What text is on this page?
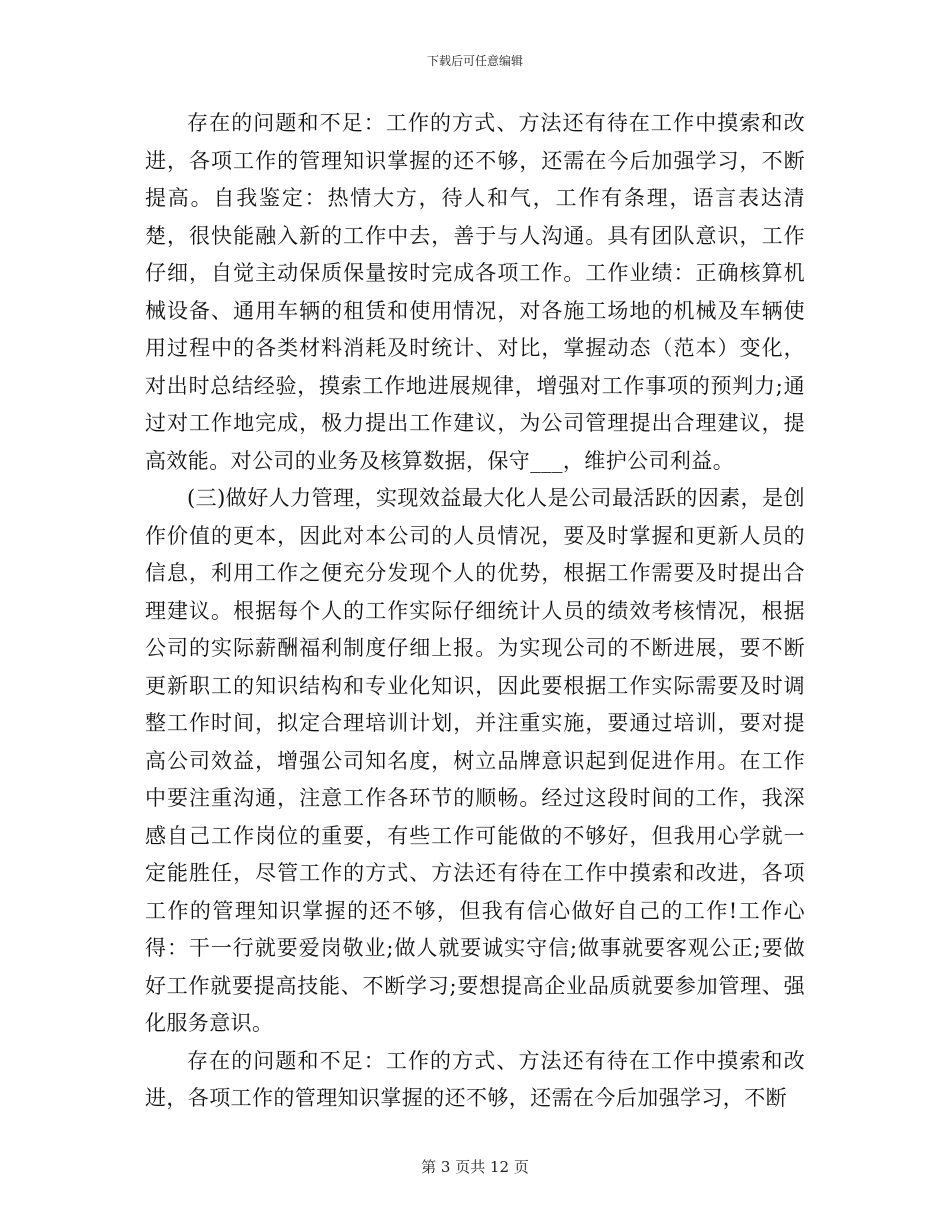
下载后可任意编辑

存在的问题和不足：工作的方式、方法还有待在工作中摸索和改进，各项工作的管理知识掌握的还不够，还需在今后加强学习，不断提高。自我鉴定：热情大方，待人和气，工作有条理，语言表达清楚，很快能融入新的工作中去，善于与人沟通。具有团队意识，工作仔细，自觉主动保质保量按时完成各项工作。工作业绩：正确核算机械设备、通用车辆的租赁和使用情况，对各施工场地的机械及车辆使用过程中的各类材料消耗及时统计、对比，掌握动态（范本）变化，对出时总结经验，摸索工作地进展规律，增强对工作事项的预判力;通过对工作地完成，极力提出工作建议，为公司管理提出合理建议，提高效能。对公司的业务及核算数据，保守___，维护公司利益。

(三)做好人力管理，实现效益最大化人是公司最活跃的因素，是创作价值的更本，因此对本公司的人员情况，要及时掌握和更新人员的信息，利用工作之便充分发现个人的优势，根据工作需要及时提出合理建议。根据每个人的工作实际仔细统计人员的绩效考核情况，根据公司的实际薪酬福利制度仔细上报。为实现公司的不断进展，要不断更新职工的知识结构和专业化知识，因此要根据工作实际需要及时调整工作时间，拟定合理培训计划，并注重实施，要通过培训，要对提高公司效益，增强公司知名度，树立品牌意识起到促进作用。在工作中要注重沟通，注意工作各环节的顺畅。经过这段时间的工作，我深感自己工作岗位的重要，有些工作可能做的不够好，但我用心学就一定能胜任，尽管工作的方式、方法还有待在工作中摸索和改进，各项工作的管理知识掌握的还不够，但我有信心做好自己的工作!工作心得：干一行就要爱岗敬业;做人就要诚实守信;做事就要客观公正;要做好工作就要提高技能、不断学习;要想提高企业品质就要参加管理、强化服务意识。

存在的问题和不足：工作的方式、方法还有待在工作中摸索和改进，各项工作的管理知识掌握的还不够，还需在今后加强学习，不断

第 3 页共 12 页
